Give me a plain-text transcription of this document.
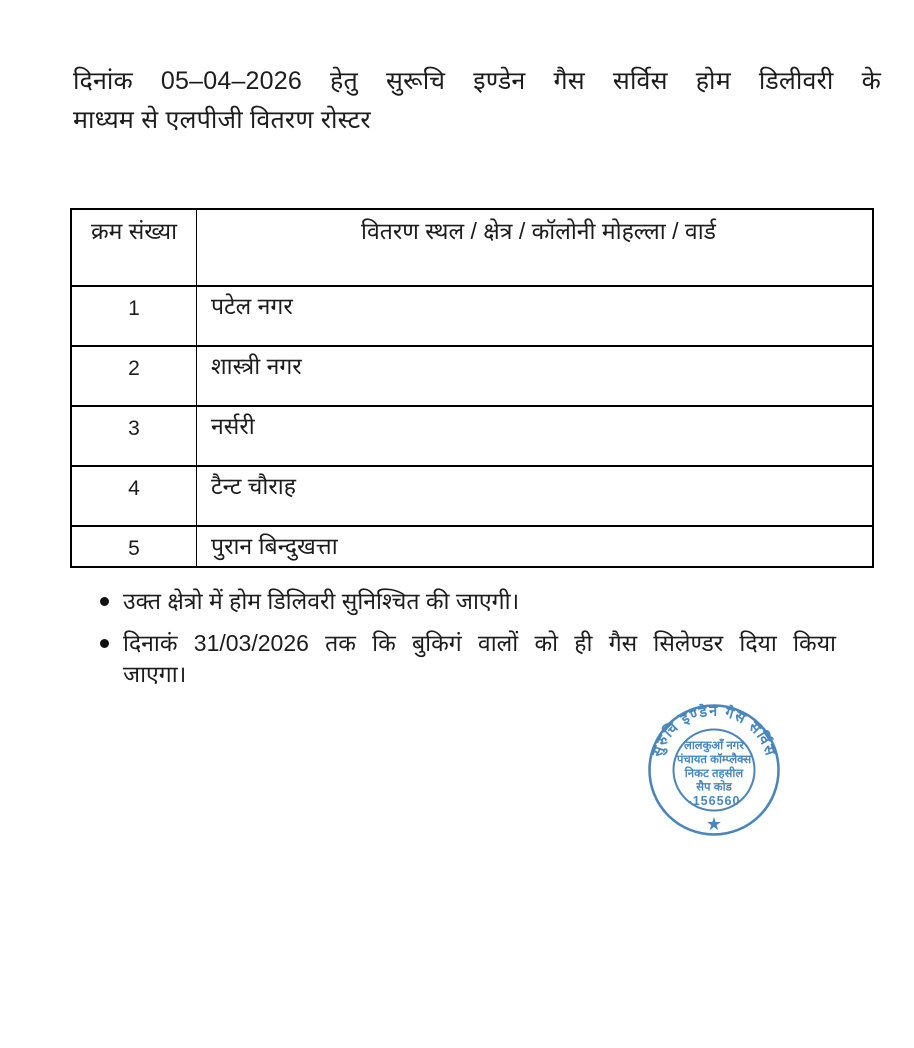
दिनांक 05–04–2026 हेतु सुरूचि इण्डेन गैस सर्विस होम डिलीवरी के
माध्यम से एलपीजी वितरण रोस्टर
क्रम संख्या	वितरण स्थल / क्षेत्र / कॉलोनी मोहल्ला / वार्ड
1	पटेल नगर
2	शास्त्री नगर
3	नर्सरी
4	टैन्ट चौराह
5	पुरान बिन्दुखत्ता
उक्त क्षेत्रो में होम डिलिवरी सुनिश्चित की जाएगी।
दिनाकं 31/03/2026 तक कि बुकिगं वालों को ही गैस सिलेण्डर दिया किया
जाएगा।
सुरुचि इण्डेन गैस सर्विस
लालकुआँ नगर
पंचायत कॉम्प्लैक्स
निकट तहसील
सैप कोड
-156560
★
